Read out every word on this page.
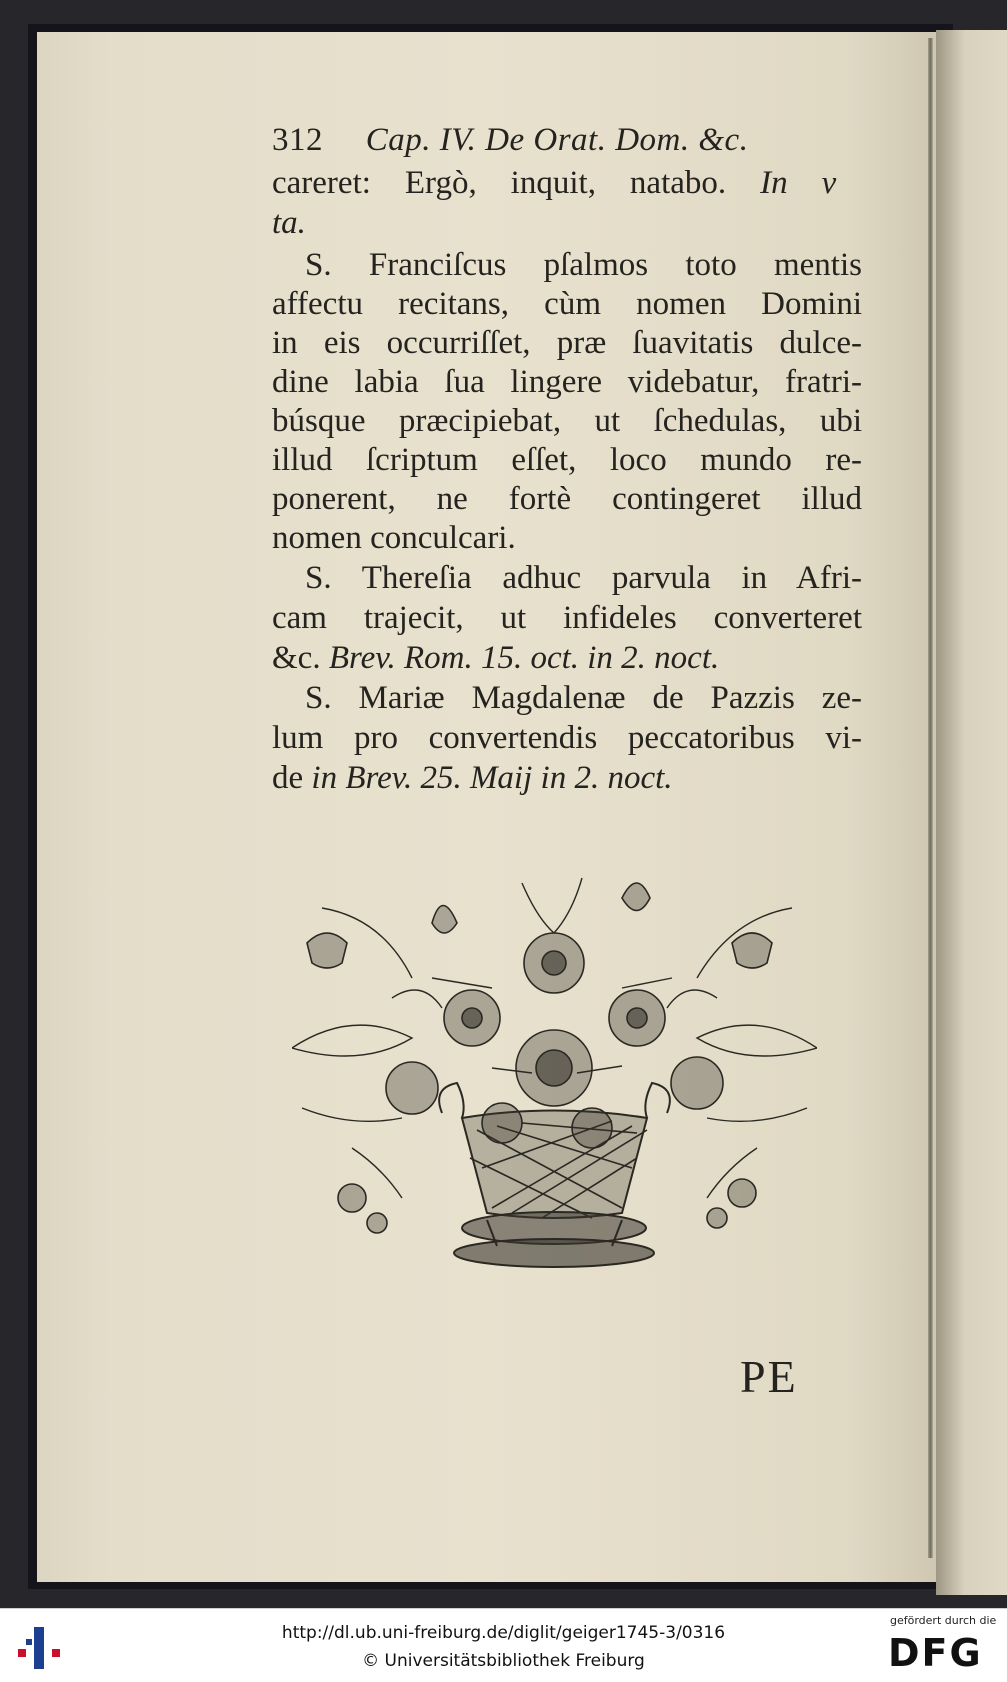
312 Cap. IV. De Orat. Dom. &c.
careret: Ergò, inquit, natabo. In v
ta.
S. Franciſcus pſalmos toto mentis
affectu recitans, cùm nomen Domini
in eis occurriſſet, præ ſuavitatis dulce-
dine labia ſua lingere videbatur, fratri-
búsque præcipiebat, ut ſchedulas, ubi
illud ſcriptum eſſet, loco mundo re-
ponerent, ne fortè contingeret illud
nomen conculcari.
S. Thereſia adhuc parvula in Afri-
cam trajecit, ut infideles converteret
&c. Brev. Rom. 15. oct. in 2. noct.
S. Mariæ Magdalenæ de Pazzis ze-
lum pro convertendis peccatoribus vi-
de in Brev. 25. Maij in 2. noct.
PE
http://dl.ub.uni-freiburg.de/diglit/geiger1745-3/0316
© Universitätsbibliothek Freiburg
gefördert durch die
DFG
